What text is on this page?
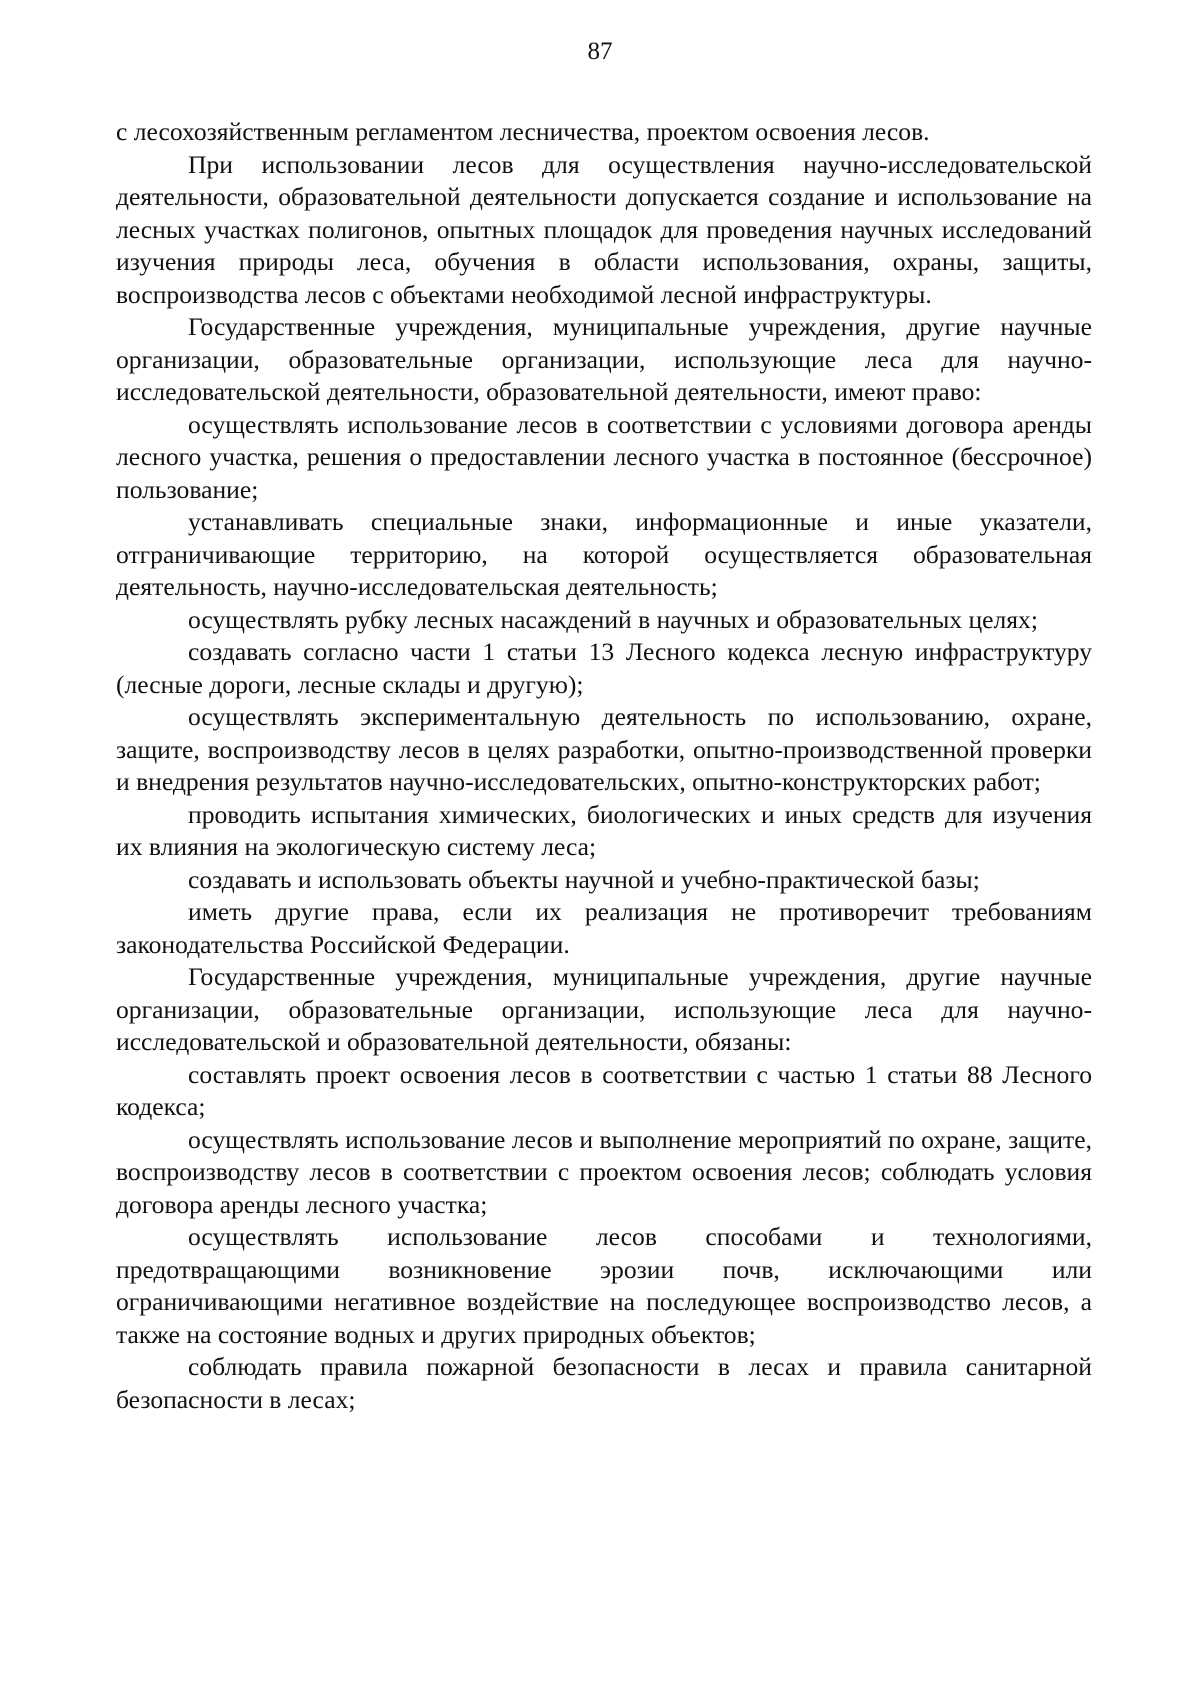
87

с лесохозяйственным регламентом лесничества, проектом освоения лесов.

При использовании лесов для осуществления научно-исследовательской деятельности, образовательной деятельности допускается создание и использование на лесных участках полигонов, опытных площадок для проведения научных исследований изучения природы леса, обучения в области использования, охраны, защиты, воспроизводства лесов с объектами необходимой лесной инфраструктуры.

Государственные учреждения, муниципальные учреждения, другие научные организации, образовательные организации, использующие леса для научно-исследовательской деятельности, образовательной деятельности, имеют право:

осуществлять использование лесов в соответствии с условиями договора аренды лесного участка, решения о предоставлении лесного участка в постоянное (бессрочное) пользование;

устанавливать специальные знаки, информационные и иные указатели, отграничивающие территорию, на которой осуществляется образовательная деятельность, научно-исследовательская деятельность;

осуществлять рубку лесных насаждений в научных и образовательных целях;

создавать согласно части 1 статьи 13 Лесного кодекса лесную инфраструктуру (лесные дороги, лесные склады и другую);

осуществлять экспериментальную деятельность по использованию, охране, защите, воспроизводству лесов в целях разработки, опытно-производственной проверки и внедрения результатов научно-исследовательских, опытно-конструкторских работ;

проводить испытания химических, биологических и иных средств для изучения их влияния на экологическую систему леса;

создавать и использовать объекты научной и учебно-практической базы;

иметь другие права, если их реализация не противоречит требованиям законодательства Российской Федерации.

Государственные учреждения, муниципальные учреждения, другие научные организации, образовательные организации, использующие леса для научно-исследовательской и образовательной деятельности, обязаны:

составлять проект освоения лесов в соответствии с частью 1 статьи 88 Лесного кодекса;

осуществлять использование лесов и выполнение мероприятий по охране, защите, воспроизводству лесов в соответствии с проектом освоения лесов; соблюдать условия договора аренды лесного участка;

осуществлять использование лесов способами и технологиями, предотвращающими возникновение эрозии почв, исключающими или ограничивающими негативное воздействие на последующее воспроизводство лесов, а также на состояние водных и других природных объектов;

соблюдать правила пожарной безопасности в лесах и правила санитарной безопасности в лесах;
